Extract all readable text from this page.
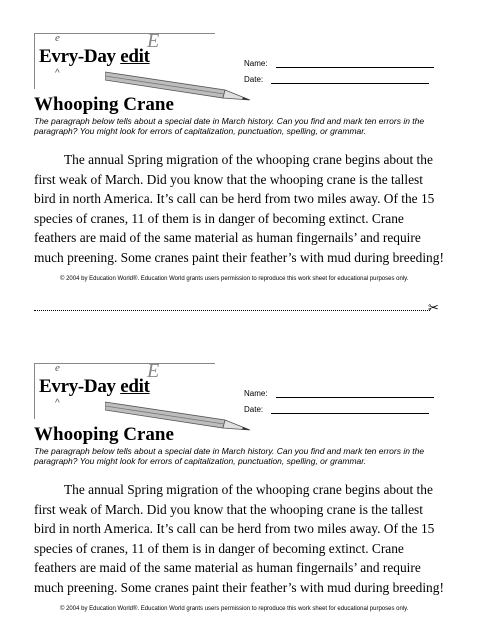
e	E
Evry-Day edit
^
Name:
Date:
Whooping Crane

The paragraph below tells about a special date in March history. Can you find and mark ten errors in the paragraph? You might look for errors of capitalization, punctuation, spelling, or grammar.

The annual Spring migration of the whooping crane begins about the first weak of March. Did you know that the whooping crane is the tallest bird in north America. It’s call can be herd from two miles away. Of the 15 species of cranes, 11 of them is in danger of becoming extinct. Crane feathers are maid of the same material as human fingernails’ and require much preening. Some cranes paint their feather’s with mud during breeding!

© 2004 by Education World®. Education World grants users permission to reproduce this work sheet for educational purposes only.

✂
e	E
Evry-Day edit
^
Name:
Date:
Whooping Crane

The paragraph below tells about a special date in March history. Can you find and mark ten errors in the paragraph? You might look for errors of capitalization, punctuation, spelling, or grammar.

The annual Spring migration of the whooping crane begins about the first weak of March. Did you know that the whooping crane is the tallest bird in north America. It’s call can be herd from two miles away. Of the 15 species of cranes, 11 of them is in danger of becoming extinct. Crane feathers are maid of the same material as human fingernails’ and require much preening. Some cranes paint their feather’s with mud during breeding!

© 2004 by Education World®. Education World grants users permission to reproduce this work sheet for educational purposes only.
